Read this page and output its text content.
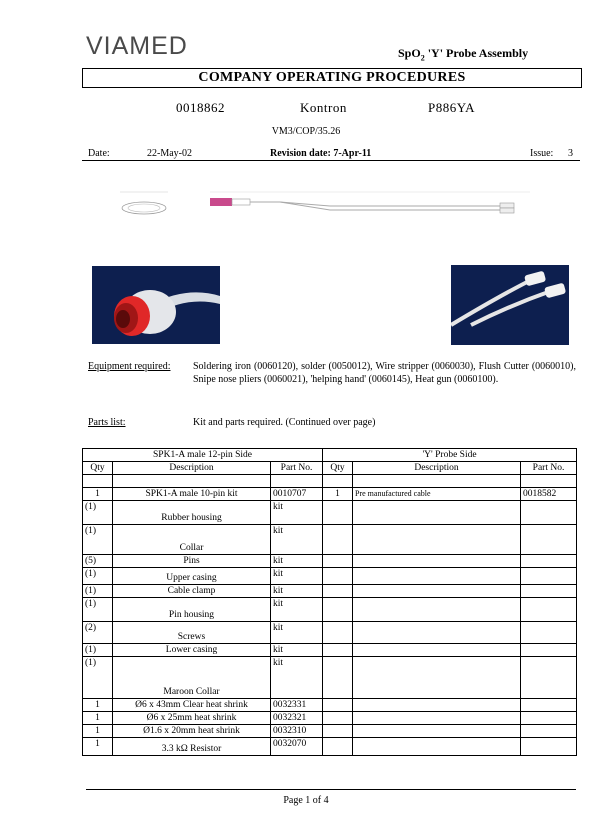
VIAMED	SpO$_2$ 'Y' Probe Assembly
COMPANY OPERATING PROCEDURES
0018862	Kontron	P886YA
VM3/COP/35.26
Date:	22-May-02	Revision date: 7-Apr-11	Issue: 3
Equipment required: Soldering iron (0060120), solder (0050012), Wire stripper (0060030), Flush Cutter (0060010), Snipe nose pliers (0060021), 'helping hand' (0060145), Heat gun (0060100).
Parts list:	Kit and parts required. (Continued over page)
SPK1-A male 12-pin Side			'Y' Probe Side		
Qty	Description	Part No.	Qty	Description	Part No.

1	SPK1-A male 10-pin kit	0010707	1	Pre manufactured cable	0018582
(1)	Rubber housing	kit			
(1)	Collar	kit			
(5)	Pins	kit			
(1)	Upper casing	kit			
(1)	Cable clamp	kit			
(1)	Pin housing	kit			
(2)	Screws	kit			
(1)	Lower casing	kit			
(1)	Maroon Collar	kit			
1	Ø6 x 43mm Clear heat shrink	0032331			
1	Ø6 x 25mm heat shrink	0032321			
1	Ø1.6 x 20mm heat shrink	0032310			
1	3.3 kΩ Resistor	0032070			
Page 1 of 4
